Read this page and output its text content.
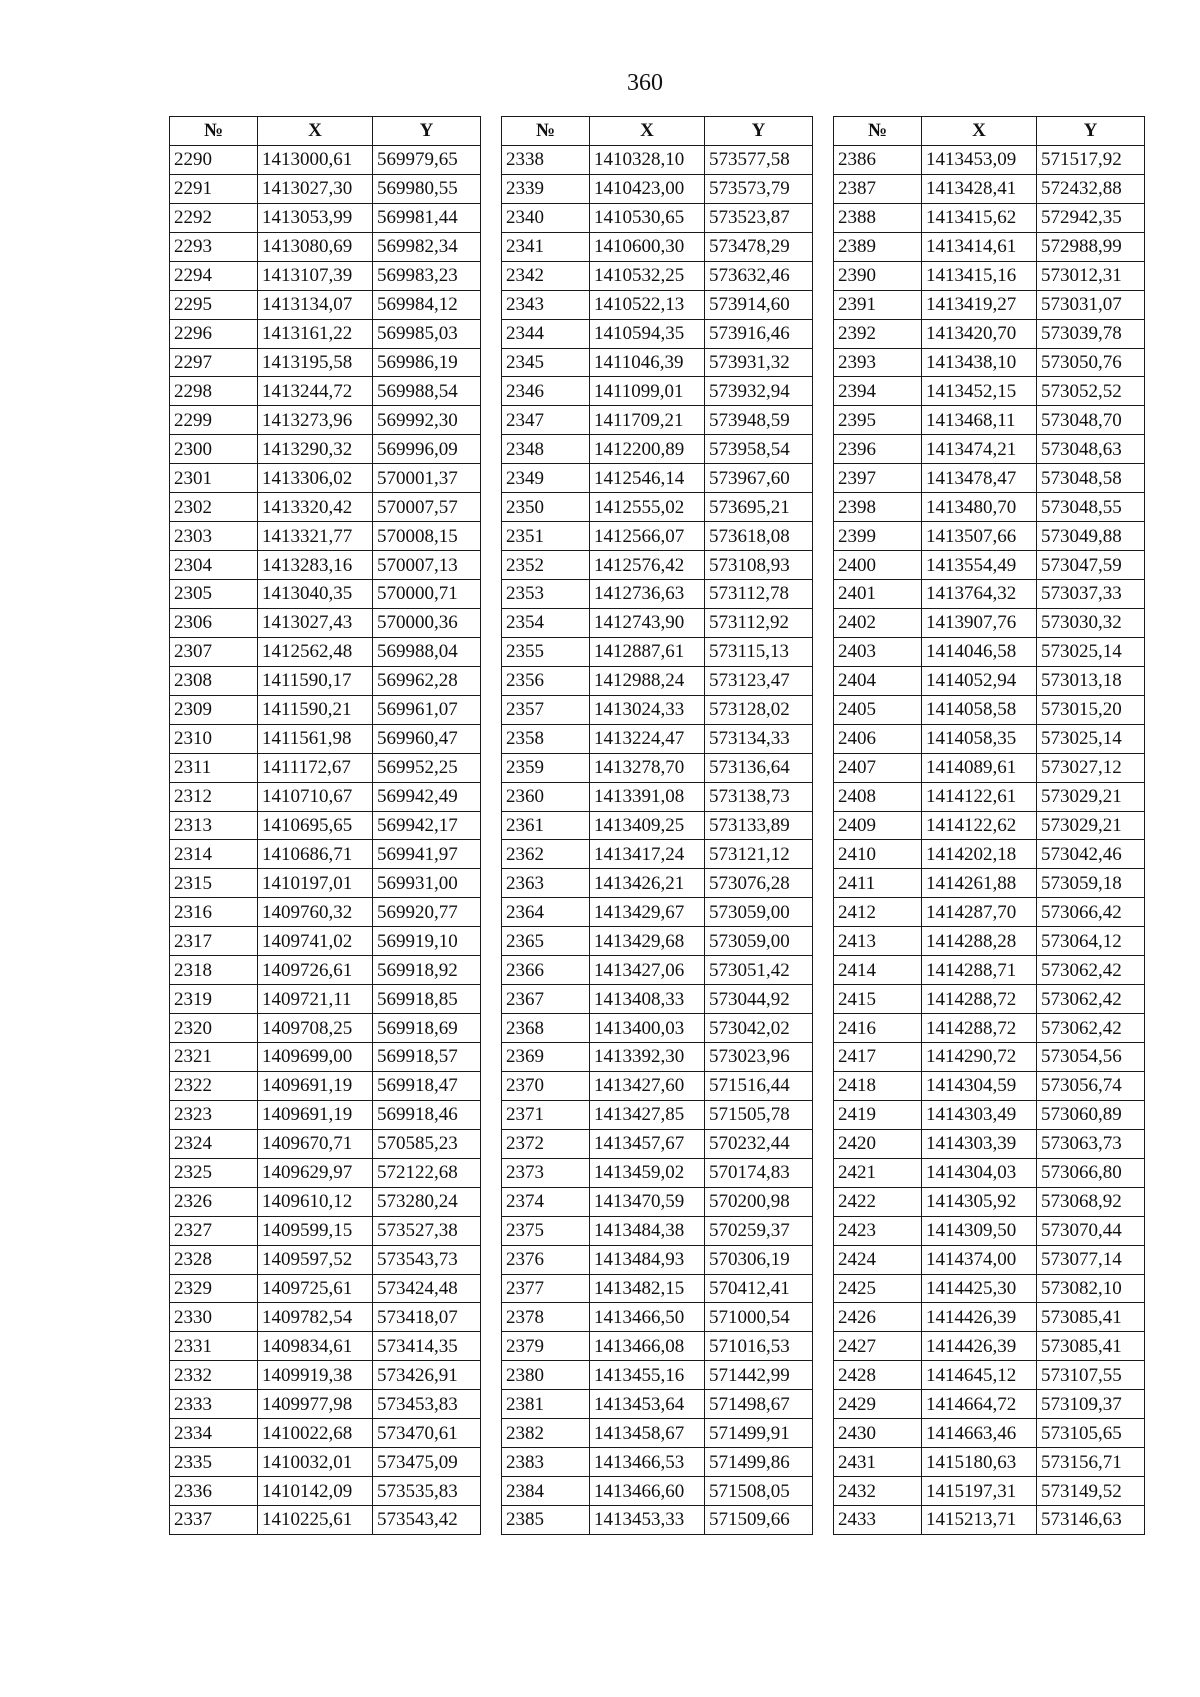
360
№	X	Y
2290	1413000,61	569979,65
2291	1413027,30	569980,55
2292	1413053,99	569981,44
2293	1413080,69	569982,34
2294	1413107,39	569983,23
2295	1413134,07	569984,12
2296	1413161,22	569985,03
2297	1413195,58	569986,19
2298	1413244,72	569988,54
2299	1413273,96	569992,30
2300	1413290,32	569996,09
2301	1413306,02	570001,37
2302	1413320,42	570007,57
2303	1413321,77	570008,15
2304	1413283,16	570007,13
2305	1413040,35	570000,71
2306	1413027,43	570000,36
2307	1412562,48	569988,04
2308	1411590,17	569962,28
2309	1411590,21	569961,07
2310	1411561,98	569960,47
2311	1411172,67	569952,25
2312	1410710,67	569942,49
2313	1410695,65	569942,17
2314	1410686,71	569941,97
2315	1410197,01	569931,00
2316	1409760,32	569920,77
2317	1409741,02	569919,10
2318	1409726,61	569918,92
2319	1409721,11	569918,85
2320	1409708,25	569918,69
2321	1409699,00	569918,57
2322	1409691,19	569918,47
2323	1409691,19	569918,46
2324	1409670,71	570585,23
2325	1409629,97	572122,68
2326	1409610,12	573280,24
2327	1409599,15	573527,38
2328	1409597,52	573543,73
2329	1409725,61	573424,48
2330	1409782,54	573418,07
2331	1409834,61	573414,35
2332	1409919,38	573426,91
2333	1409977,98	573453,83
2334	1410022,68	573470,61
2335	1410032,01	573475,09
2336	1410142,09	573535,83
2337	1410225,61	573543,42
№	X	Y
2338	1410328,10	573577,58
2339	1410423,00	573573,79
2340	1410530,65	573523,87
2341	1410600,30	573478,29
2342	1410532,25	573632,46
2343	1410522,13	573914,60
2344	1410594,35	573916,46
2345	1411046,39	573931,32
2346	1411099,01	573932,94
2347	1411709,21	573948,59
2348	1412200,89	573958,54
2349	1412546,14	573967,60
2350	1412555,02	573695,21
2351	1412566,07	573618,08
2352	1412576,42	573108,93
2353	1412736,63	573112,78
2354	1412743,90	573112,92
2355	1412887,61	573115,13
2356	1412988,24	573123,47
2357	1413024,33	573128,02
2358	1413224,47	573134,33
2359	1413278,70	573136,64
2360	1413391,08	573138,73
2361	1413409,25	573133,89
2362	1413417,24	573121,12
2363	1413426,21	573076,28
2364	1413429,67	573059,00
2365	1413429,68	573059,00
2366	1413427,06	573051,42
2367	1413408,33	573044,92
2368	1413400,03	573042,02
2369	1413392,30	573023,96
2370	1413427,60	571516,44
2371	1413427,85	571505,78
2372	1413457,67	570232,44
2373	1413459,02	570174,83
2374	1413470,59	570200,98
2375	1413484,38	570259,37
2376	1413484,93	570306,19
2377	1413482,15	570412,41
2378	1413466,50	571000,54
2379	1413466,08	571016,53
2380	1413455,16	571442,99
2381	1413453,64	571498,67
2382	1413458,67	571499,91
2383	1413466,53	571499,86
2384	1413466,60	571508,05
2385	1413453,33	571509,66
№	X	Y
2386	1413453,09	571517,92
2387	1413428,41	572432,88
2388	1413415,62	572942,35
2389	1413414,61	572988,99
2390	1413415,16	573012,31
2391	1413419,27	573031,07
2392	1413420,70	573039,78
2393	1413438,10	573050,76
2394	1413452,15	573052,52
2395	1413468,11	573048,70
2396	1413474,21	573048,63
2397	1413478,47	573048,58
2398	1413480,70	573048,55
2399	1413507,66	573049,88
2400	1413554,49	573047,59
2401	1413764,32	573037,33
2402	1413907,76	573030,32
2403	1414046,58	573025,14
2404	1414052,94	573013,18
2405	1414058,58	573015,20
2406	1414058,35	573025,14
2407	1414089,61	573027,12
2408	1414122,61	573029,21
2409	1414122,62	573029,21
2410	1414202,18	573042,46
2411	1414261,88	573059,18
2412	1414287,70	573066,42
2413	1414288,28	573064,12
2414	1414288,71	573062,42
2415	1414288,72	573062,42
2416	1414288,72	573062,42
2417	1414290,72	573054,56
2418	1414304,59	573056,74
2419	1414303,49	573060,89
2420	1414303,39	573063,73
2421	1414304,03	573066,80
2422	1414305,92	573068,92
2423	1414309,50	573070,44
2424	1414374,00	573077,14
2425	1414425,30	573082,10
2426	1414426,39	573085,41
2427	1414426,39	573085,41
2428	1414645,12	573107,55
2429	1414664,72	573109,37
2430	1414663,46	573105,65
2431	1415180,63	573156,71
2432	1415197,31	573149,52
2433	1415213,71	573146,63
